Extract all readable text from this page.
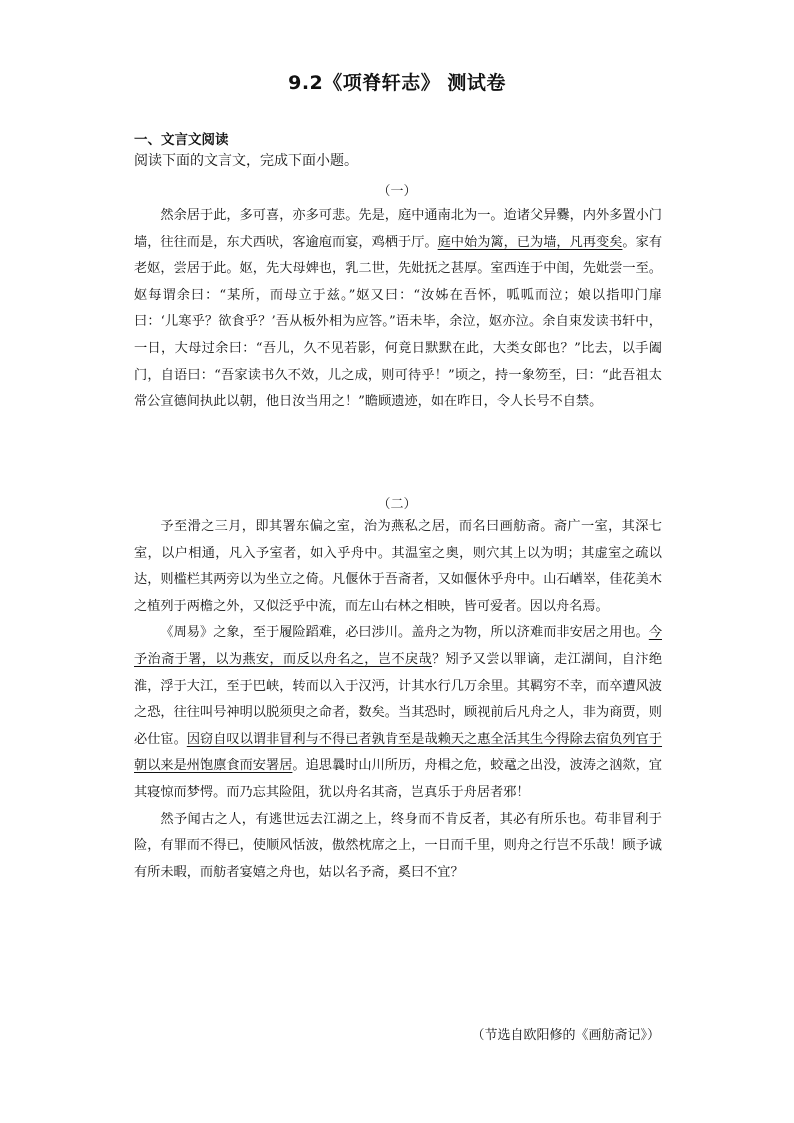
9.2《项脊轩志》 测试卷
一、文言文阅读
阅读下面的文言文，完成下面小题。
（一）

然余居于此，多可喜，亦多可悲。先是，庭中通南北为一。迨诸父异爨，内外多置小门墙，往往而是，东犬西吠，客逾庖而宴，鸡栖于厅。庭中始为篱，已为墙，凡再变矣。家有老妪，尝居于此。妪，先大母婢也，乳二世，先妣抚之甚厚。室西连于中闺，先妣尝一至。妪每谓余曰：“某所，而母立于兹。”妪又曰：“汝姊在吾怀，呱呱而泣；娘以指叩门扉曰：‘儿寒乎？欲食乎？’吾从板外相为应答。”语未毕，余泣，妪亦泣。余自束发读书轩中，一日，大母过余曰：“吾儿，久不见若影，何竟日默默在此，大类女郎也？”比去，以手阖门，自语曰：“吾家读书久不效，儿之成，则可待乎！”顷之，持一象笏至，曰：“此吾祖太常公宣德间执此以朝，他日汝当用之！”瞻顾遗迹，如在昨日，令人长号不自禁。

（二）

予至滑之三月，即其署东偏之室，治为燕私之居，而名曰画舫斋。斋广一室，其深七室，以户相通，凡入予室者，如入乎舟中。其温室之奥，则穴其上以为明；其虚室之疏以达，则槛栏其两旁以为坐立之倚。凡偃休于吾斋者，又如偃休乎舟中。山石崷崒，佳花美木之植列于两檐之外，又似泛乎中流，而左山右林之相映，皆可爱者。因以舟名焉。

《周易》之象，至于履险蹈难，必曰涉川。盖舟之为物，所以济难而非安居之用也。今予治斋于署，以为燕安，而反以舟名之，岂不戾哉？矧予又尝以罪谪，走江湖间，自汴绝淮，浮于大江，至于巴峡，转而以入于汉沔，计其水行几万余里。其羁穷不幸，而卒遭风波之恐，往往叫号神明以脱须臾之命者，数矣。当其恐时，顾视前后凡舟之人，非为商贾，则必仕宦。因窃自叹以谓非冒利与不得已者孰肯至是哉赖天之惠全活其生今得除去宿负列官于朝以来是州饱廪食而安署居。追思曩时山川所历，舟楫之危，蛟鼋之出没，波涛之汹欻，宜其寝惊而梦愕。而乃忘其险阻，犹以舟名其斋，岂真乐于舟居者邪！

然予闻古之人，有逃世远去江湖之上，终身而不肯反者，其必有所乐也。苟非冒利于险，有罪而不得已，使顺风恬波，傲然枕席之上，一日而千里，则舟之行岂不乐哉！顾予诚有所未暇，而舫者宴嬉之舟也，姑以名予斋，奚曰不宜？

（节选自欧阳修的《画舫斋记》）
